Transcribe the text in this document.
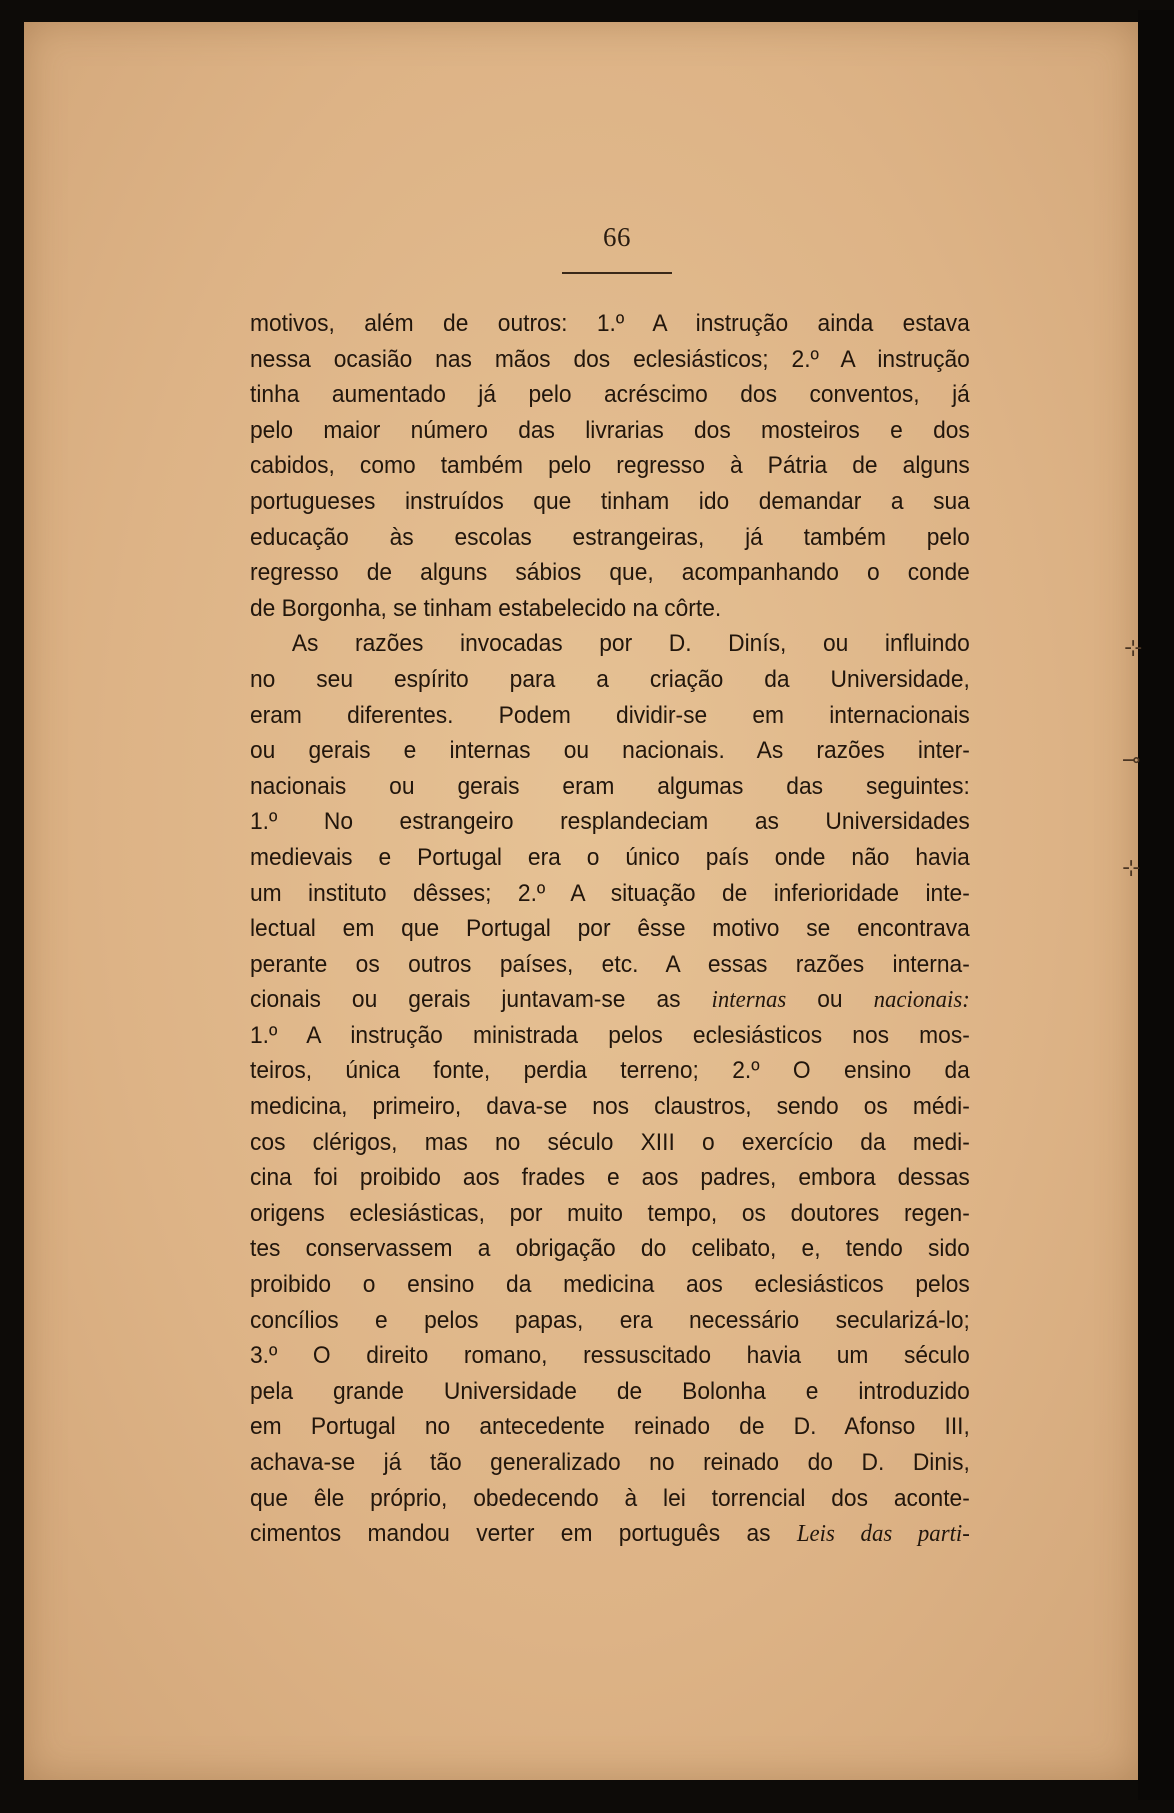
66
⊹
⊸
⊹
motivos, além de outros: 1.º A instrução ainda estava
nessa ocasião nas mãos dos eclesiásticos; 2.º A instrução
tinha aumentado já pelo acréscimo dos conventos, já
pelo maior número das livrarias dos mosteiros e dos
cabidos, como também pelo regresso à Pátria de alguns
portugueses instruídos que tinham ido demandar a sua
educação às escolas estrangeiras, já também pelo
regresso de alguns sábios que, acompanhando o conde
de Borgonha, se tinham estabelecido na côrte.
As razões invocadas por D. Dinís, ou influindo
no seu espírito para a criação da Universidade,
eram diferentes. Podem dividir-se em internacionais
ou gerais e internas ou nacionais. As razões inter-
nacionais ou gerais eram algumas das seguintes:
1.º No estrangeiro resplandeciam as Universidades
medievais e Portugal era o único país onde não havia
um instituto dêsses; 2.º A situação de inferioridade inte-
lectual em que Portugal por êsse motivo se encontrava
perante os outros países, etc. A essas razões interna-
cionais ou gerais juntavam-se as internas ou nacionais:
1.º A instrução ministrada pelos eclesiásticos nos mos-
teiros, única fonte, perdia terreno; 2.º O ensino da
medicina, primeiro, dava-se nos claustros, sendo os médi-
cos clérigos, mas no século XIII o exercício da medi-
cina foi proibido aos frades e aos padres, embora dessas
origens eclesiásticas, por muito tempo, os doutores regen-
tes conservassem a obrigação do celibato, e, tendo sido
proibido o ensino da medicina aos eclesiásticos pelos
concílios e pelos papas, era necessário secularizá-lo;
3.º O direito romano, ressuscitado havia um século
pela grande Universidade de Bolonha e introduzido
em Portugal no antecedente reinado de D. Afonso III,
achava-se já tão generalizado no reinado do D. Dinis,
que êle próprio, obedecendo à lei torrencial dos aconte-
cimentos mandou verter em português as Leis das parti-
